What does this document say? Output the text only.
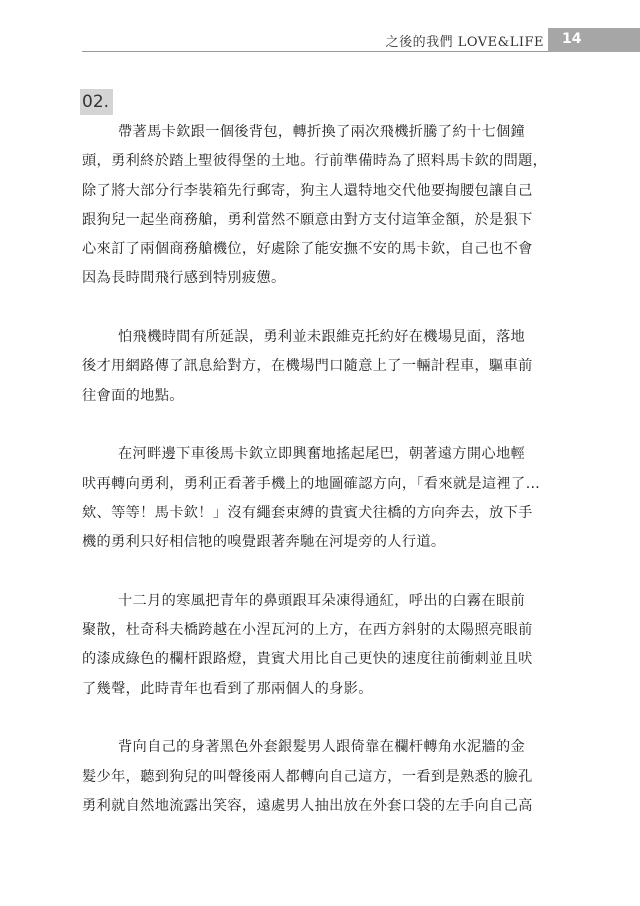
之後的我們 LOVE&LIFE 14
02.

帶著馬卡欽跟一個後背包，轉折換了兩次飛機折騰了約十七個鐘
頭，勇利終於踏上聖彼得堡的土地。行前準備時為了照料馬卡欽的問題，
除了將大部分行李裝箱先行郵寄，狗主人還特地交代他要掏腰包讓自己
跟狗兒一起坐商務艙，勇利當然不願意由對方支付這筆金額，於是狠下
心來訂了兩個商務艙機位，好處除了能安撫不安的馬卡欽，自己也不會
因為長時間飛行感到特別疲憊。

怕飛機時間有所延誤，勇利並未跟維克托約好在機場見面，落地
後才用網路傳了訊息給對方，在機場門口隨意上了一輛計程車，驅車前
往會面的地點。

在河畔邊下車後馬卡欽立即興奮地搖起尾巴，朝著遠方開心地輕
吠再轉向勇利，勇利正看著手機上的地圖確認方向，「看來就是這裡了…
欸、等等！馬卡欽！」沒有繩套束縛的貴賓犬往橋的方向奔去，放下手
機的勇利只好相信牠的嗅覺跟著奔馳在河堤旁的人行道。

十二月的寒風把青年的鼻頭跟耳朵凍得通紅，呼出的白霧在眼前
聚散，杜奇科夫橋跨越在小涅瓦河的上方，在西方斜射的太陽照亮眼前
的漆成綠色的欄杆跟路燈，貴賓犬用比自己更快的速度往前衝刺並且吠
了幾聲，此時青年也看到了那兩個人的身影。

背向自己的身著黑色外套銀髮男人跟倚靠在欄杆轉角水泥牆的金
髮少年，聽到狗兒的叫聲後兩人都轉向自己這方，一看到是熟悉的臉孔
勇利就自然地流露出笑容，遠處男人抽出放在外套口袋的左手向自己高
